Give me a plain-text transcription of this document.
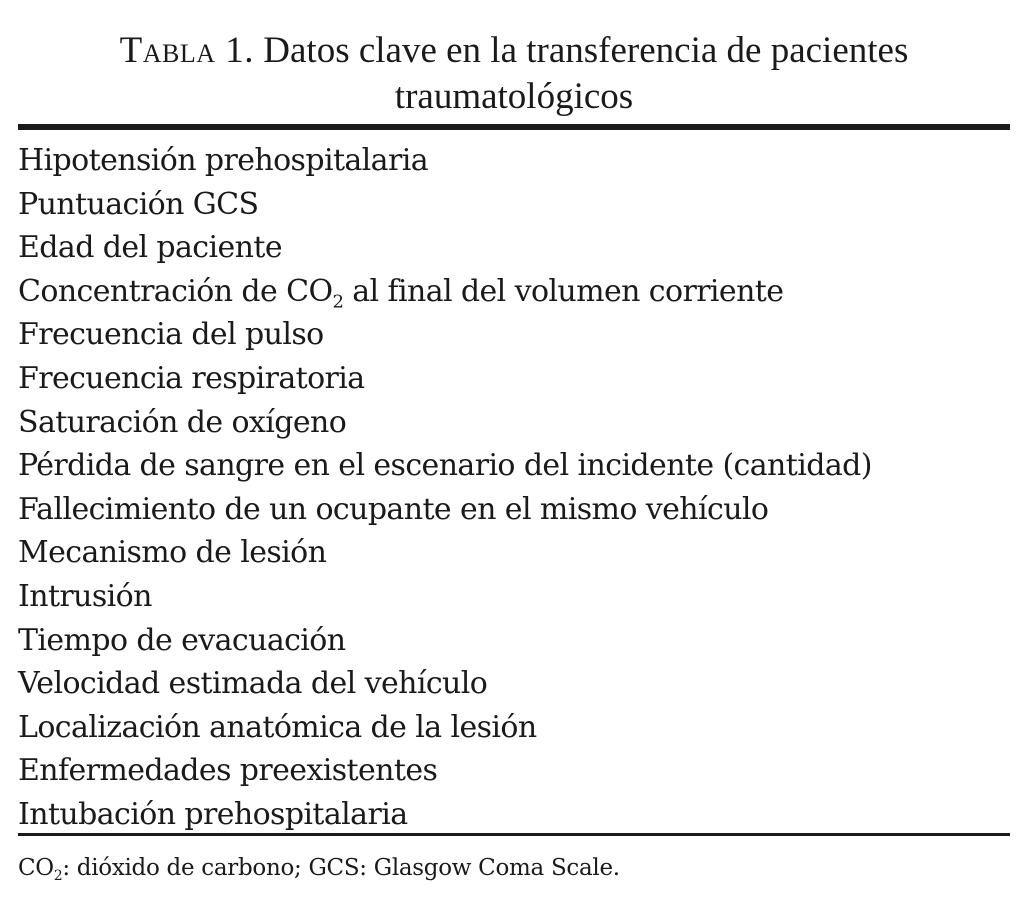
Tabla 1. Datos clave en la transferencia de pacientes traumatológicos
Hipotensión prehospitalaria
Puntuación GCS
Edad del paciente
Concentración de $CO_2$ al final del volumen corriente
Frecuencia del pulso
Frecuencia respiratoria
Saturación de oxígeno
Pérdida de sangre en el escenario del incidente (cantidad)
Fallecimiento de un ocupante en el mismo vehículo
Mecanismo de lesión
Intrusión
Tiempo de evacuación
Velocidad estimada del vehículo
Localización anatómica de la lesión
Enfermedades preexistentes
Intubación prehospitalaria
$CO_2$: dióxido de carbono; GCS: Glasgow Coma Scale.
